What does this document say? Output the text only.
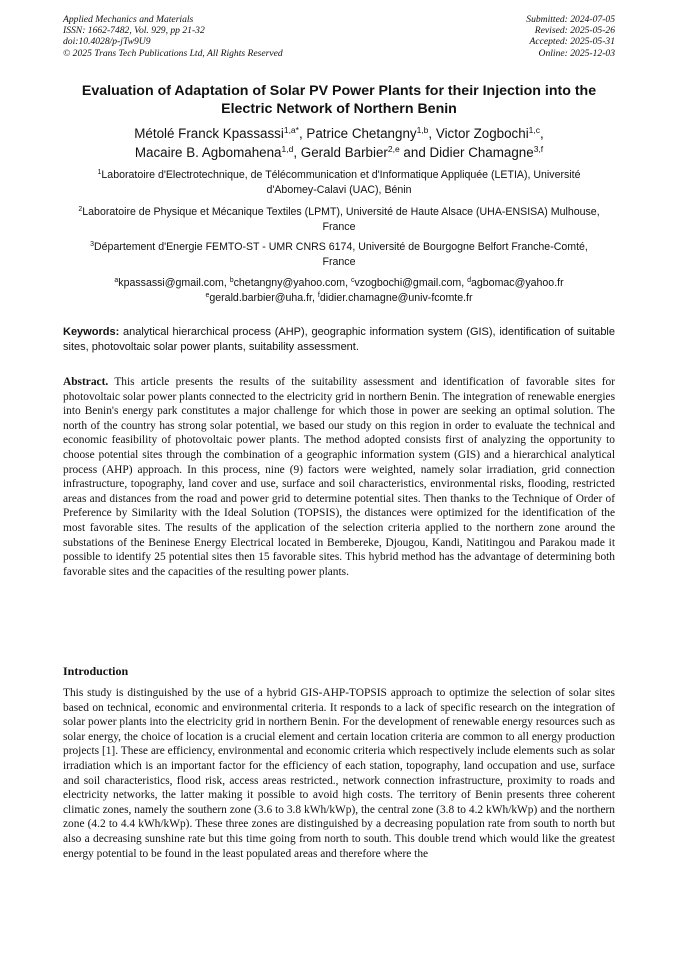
Applied Mechanics and Materials
ISSN: 1662-7482, Vol. 929, pp 21-32
doi:10.4028/p-jTw9U9
© 2025 Trans Tech Publications Ltd, All Rights Reserved
Submitted: 2024-07-05
Revised: 2025-05-26
Accepted: 2025-05-31
Online: 2025-12-03
Evaluation of Adaptation of Solar PV Power Plants for their Injection into the Electric Network of Northern Benin
Métolé Franck Kpassassi$^{1,a*}$, Patrice Chetangny$^{1,b}$, Victor Zogbochi$^{1,c}$,
Macaire B. Agbomahena$^{1,d}$, Gerald Barbier$^{2,e}$ and Didier Chamagne$^{3,f}$
$^1$Laboratoire d'Electrotechnique, de Télécommunication et d'Informatique Appliquée (LETIA), Université d'Abomey-Calavi (UAC), Bénin
$^2$Laboratoire de Physique et Mécanique Textiles (LPMT), Université de Haute Alsace (UHA-ENSISA) Mulhouse, France
$^3$Département d'Energie FEMTO-ST - UMR CNRS 6174, Université de Bourgogne Belfort Franche-Comté, France
$^a$kpassassi@gmail.com, $^b$chetangny@yahoo.com, $^c$vzogbochi@gmail.com, $^d$agbomac@yahoo.fr
$^e$gerald.barbier@uha.fr, $^f$didier.chamagne@univ-fcomte.fr
Keywords: analytical hierarchical process (AHP), geographic information system (GIS), identification of suitable sites, photovoltaic solar power plants, suitability assessment.
Abstract. This article presents the results of the suitability assessment and identification of favorable sites for photovoltaic solar power plants connected to the electricity grid in northern Benin. The integration of renewable energies into Benin's energy park constitutes a major challenge for which those in power are seeking an optimal solution. The north of the country has strong solar potential, we based our study on this region in order to evaluate the technical and economic feasibility of photovoltaic power plants. The method adopted consists first of analyzing the opportunity to choose potential sites through the combination of a geographic information system (GIS) and a hierarchical analytical process (AHP) approach. In this process, nine (9) factors were weighted, namely solar irradiation, grid connection infrastructure, topography, land cover and use, surface and soil characteristics, environmental risks, flooding, restricted areas and distances from the road and power grid to determine potential sites. Then thanks to the Technique of Order of Preference by Similarity with the Ideal Solution (TOPSIS), the distances were optimized for the identification of the most favorable sites. The results of the application of the selection criteria applied to the northern zone around the substations of the Beninese Energy Electrical located in Bembereke, Djougou, Kandi, Natitingou and Parakou made it possible to identify 25 potential sites then 15 favorable sites. This hybrid method has the advantage of determining both favorable sites and the capacities of the resulting power plants.
Introduction
This study is distinguished by the use of a hybrid GIS-AHP-TOPSIS approach to optimize the selection of solar sites based on technical, economic and environmental criteria. It responds to a lack of specific research on the integration of solar power plants into the electricity grid in northern Benin. For the development of renewable energy resources such as solar energy, the choice of location is a crucial element and certain location criteria are common to all energy production projects [1]. These are efficiency, environmental and economic criteria which respectively include elements such as solar irradiation which is an important factor for the efficiency of each station, topography, land occupation and use, surface and soil characteristics, flood risk, access areas restricted., network connection infrastructure, proximity to roads and electricity networks, the latter making it possible to avoid high costs. The territory of Benin presents three coherent climatic zones, namely the southern zone (3.6 to 3.8 kWh/kWp), the central zone (3.8 to 4.2 kWh/kWp) and the northern zone (4.2 to 4.4 kWh/kWp). These three zones are distinguished by a decreasing population rate from south to north but also a decreasing sunshine rate but this time going from north to south. This double trend which would like the greatest energy potential to be found in the least populated areas and therefore where the
